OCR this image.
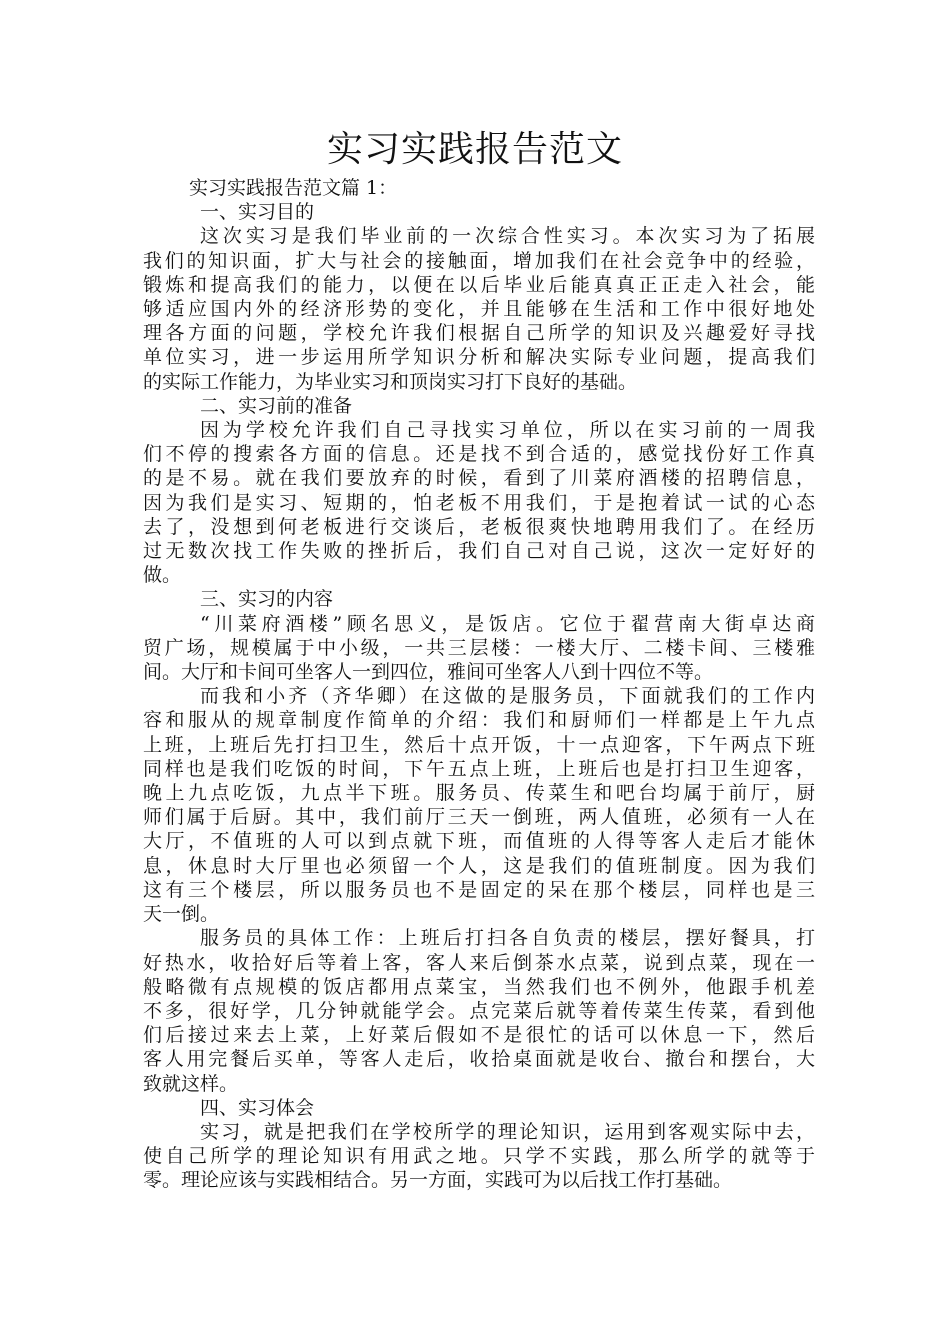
实习实践报告范文
实习实践报告范文篇 1：
一、实习目的

这次实习是我们毕业前的一次综合性实习。本次实习为了拓展
我们的知识面，扩大与社会的接触面，增加我们在社会竞争中的经验，
锻炼和提高我们的能力，以便在以后毕业后能真真正正走入社会，能
够适应国内外的经济形势的变化，并且能够在生活和工作中很好地处
理各方面的问题，学校允许我们根据自己所学的知识及兴趣爱好寻找
单位实习，进一步运用所学知识分析和解决实际专业问题，提高我们
的实际工作能力，为毕业实习和顶岗实习打下良好的基础。

二、实习前的准备

因为学校允许我们自己寻找实习单位，所以在实习前的一周我
们不停的搜索各方面的信息。还是找不到合适的，感觉找份好工作真
的是不易。就在我们要放弃的时候，看到了川菜府酒楼的招聘信息，
因为我们是实习、短期的，怕老板不用我们，于是抱着试一试的心态
去了，没想到何老板进行交谈后，老板很爽快地聘用我们了。在经历
过无数次找工作失败的挫折后，我们自己对自己说，这次一定好好的
做。

三、实习的内容

“川菜府酒楼”顾名思义，是饭店。它位于翟营南大街卓达商
贸广场，规模属于中小级，一共三层楼：一楼大厅、二楼卡间、三楼雅
间。大厅和卡间可坐客人一到四位，雅间可坐客人八到十四位不等。

而我和小齐（齐华卿）在这做的是服务员，下面就我们的工作内
容和服从的规章制度作简单的介绍：我们和厨师们一样都是上午九点
上班，上班后先打扫卫生，然后十点开饭，十一点迎客，下午两点下班
同样也是我们吃饭的时间，下午五点上班，上班后也是打扫卫生迎客，
晚上九点吃饭，九点半下班。服务员、传菜生和吧台均属于前厅，厨
师们属于后厨。其中，我们前厅三天一倒班，两人值班，必须有一人在
大厅，不值班的人可以到点就下班，而值班的人得等客人走后才能休
息，休息时大厅里也必须留一个人，这是我们的值班制度。因为我们
这有三个楼层，所以服务员也不是固定的呆在那个楼层，同样也是三
天一倒。

服务员的具体工作：上班后打扫各自负责的楼层，摆好餐具，打
好热水，收拾好后等着上客，客人来后倒茶水点菜，说到点菜，现在一
般略微有点规模的饭店都用点菜宝，当然我们也不例外，他跟手机差
不多，很好学，几分钟就能学会。点完菜后就等着传菜生传菜，看到他
们后接过来去上菜，上好菜后假如不是很忙的话可以休息一下，然后
客人用完餐后买单，等客人走后，收拾桌面就是收台、撤台和摆台，大
致就这样。

四、实习体会

实习，就是把我们在学校所学的理论知识，运用到客观实际中去，
使自己所学的理论知识有用武之地。只学不实践，那么所学的就等于
零。理论应该与实践相结合。另一方面，实践可为以后找工作打基础。
